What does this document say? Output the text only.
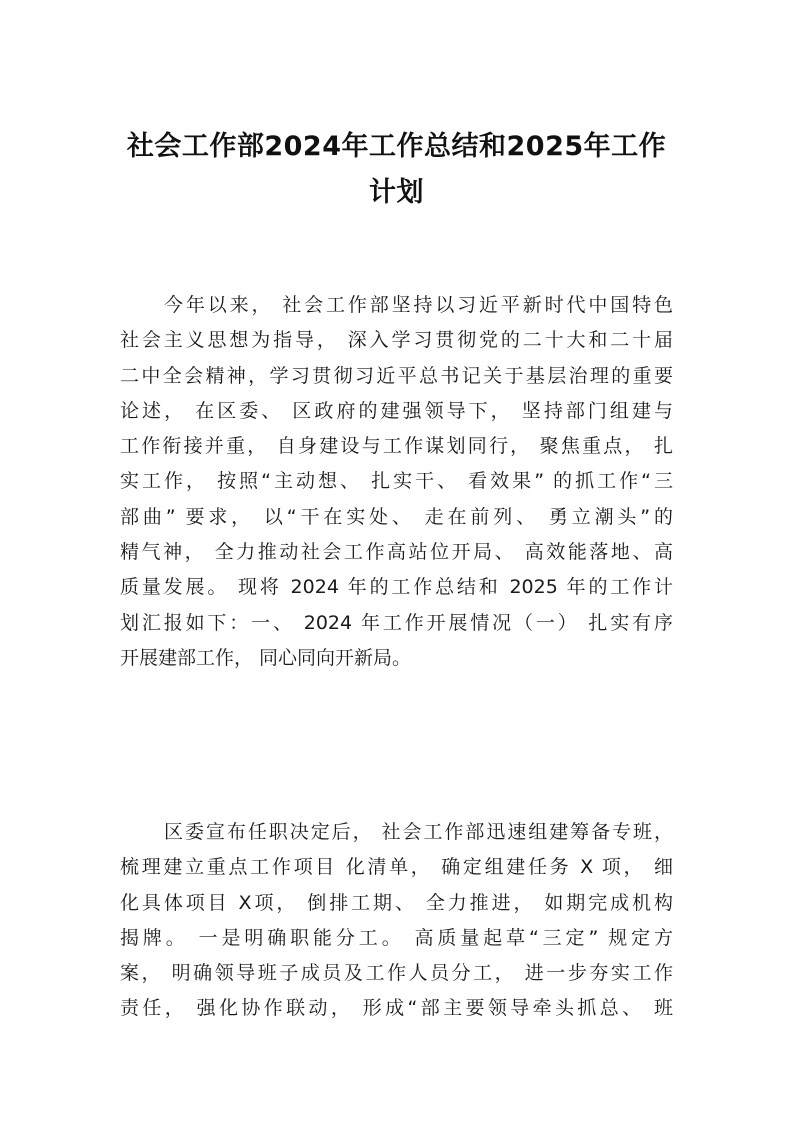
社会工作部2024年工作总结和2025年工作
计划
今年以来， 社会工作部坚持以习近平新时代中国特色
社会主义思想为指导， 深入学习贯彻党的二十大和二十届
二中全会精神，学习贯彻习近平总书记关于基层治理的重要
论述， 在区委、 区政府的建强领导下， 坚持部门组建与
工作衔接并重， 自身建设与工作谋划同行， 聚焦重点， 扎
实工作， 按照“主动想、 扎实干、 看效果” 的抓工作“三
部曲” 要求， 以“干在实处、 走在前列、 勇立潮头”的
精气神， 全力推动社会工作高站位开局、 高效能落地、高
质量发展。 现将 2024 年的工作总结和 2025 年的工作计
划汇报如下：一、 2024 年工作开展情况（一） 扎实有序
开展建部工作， 同心同向开新局。
区委宣布任职决定后， 社会工作部迅速组建筹备专班，
梳理建立重点工作项目 化清单， 确定组建任务 X 项， 细
化具体项目 X项， 倒排工期、 全力推进， 如期完成机构
揭牌。 一是明确职能分工。 高质量起草“三定” 规定方
案， 明确领导班子成员及工作人员分工， 进一步夯实工作
责任， 强化协作联动， 形成“部主要领导牵头抓总、 班
